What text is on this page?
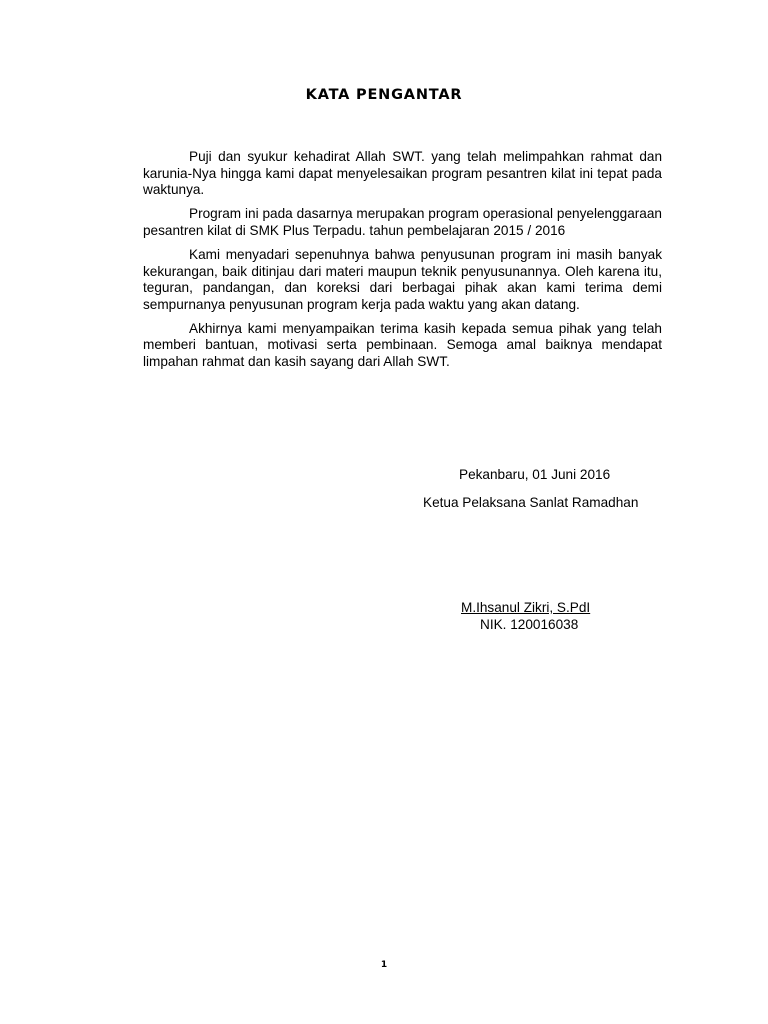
KATA PENGANTAR

Puji dan syukur kehadirat Allah SWT. yang telah melimpahkan rahmat dan karunia-Nya hingga kami dapat menyelesaikan program pesantren kilat ini tepat pada waktunya.

Program ini pada dasarnya merupakan program operasional penyelenggaraan pesantren kilat di SMK Plus Terpadu. tahun pembelajaran 2015 / 2016

Kami menyadari sepenuhnya bahwa penyusunan program ini masih banyak kekurangan, baik ditinjau dari materi maupun teknik penyusunannya. Oleh karena itu, teguran, pandangan, dan koreksi dari berbagai pihak akan kami terima demi sempurnanya penyusunan program kerja pada waktu yang akan datang.

Akhirnya kami menyampaikan terima kasih kepada semua pihak yang telah memberi bantuan, motivasi serta pembinaan. Semoga amal baiknya mendapat limpahan rahmat dan kasih sayang dari Allah SWT.

Pekanbaru, 01 Juni 2016

Ketua Pelaksana Sanlat Ramadhan

M.Ihsanul Zikri, S.PdI

NIK. 120016038

1
